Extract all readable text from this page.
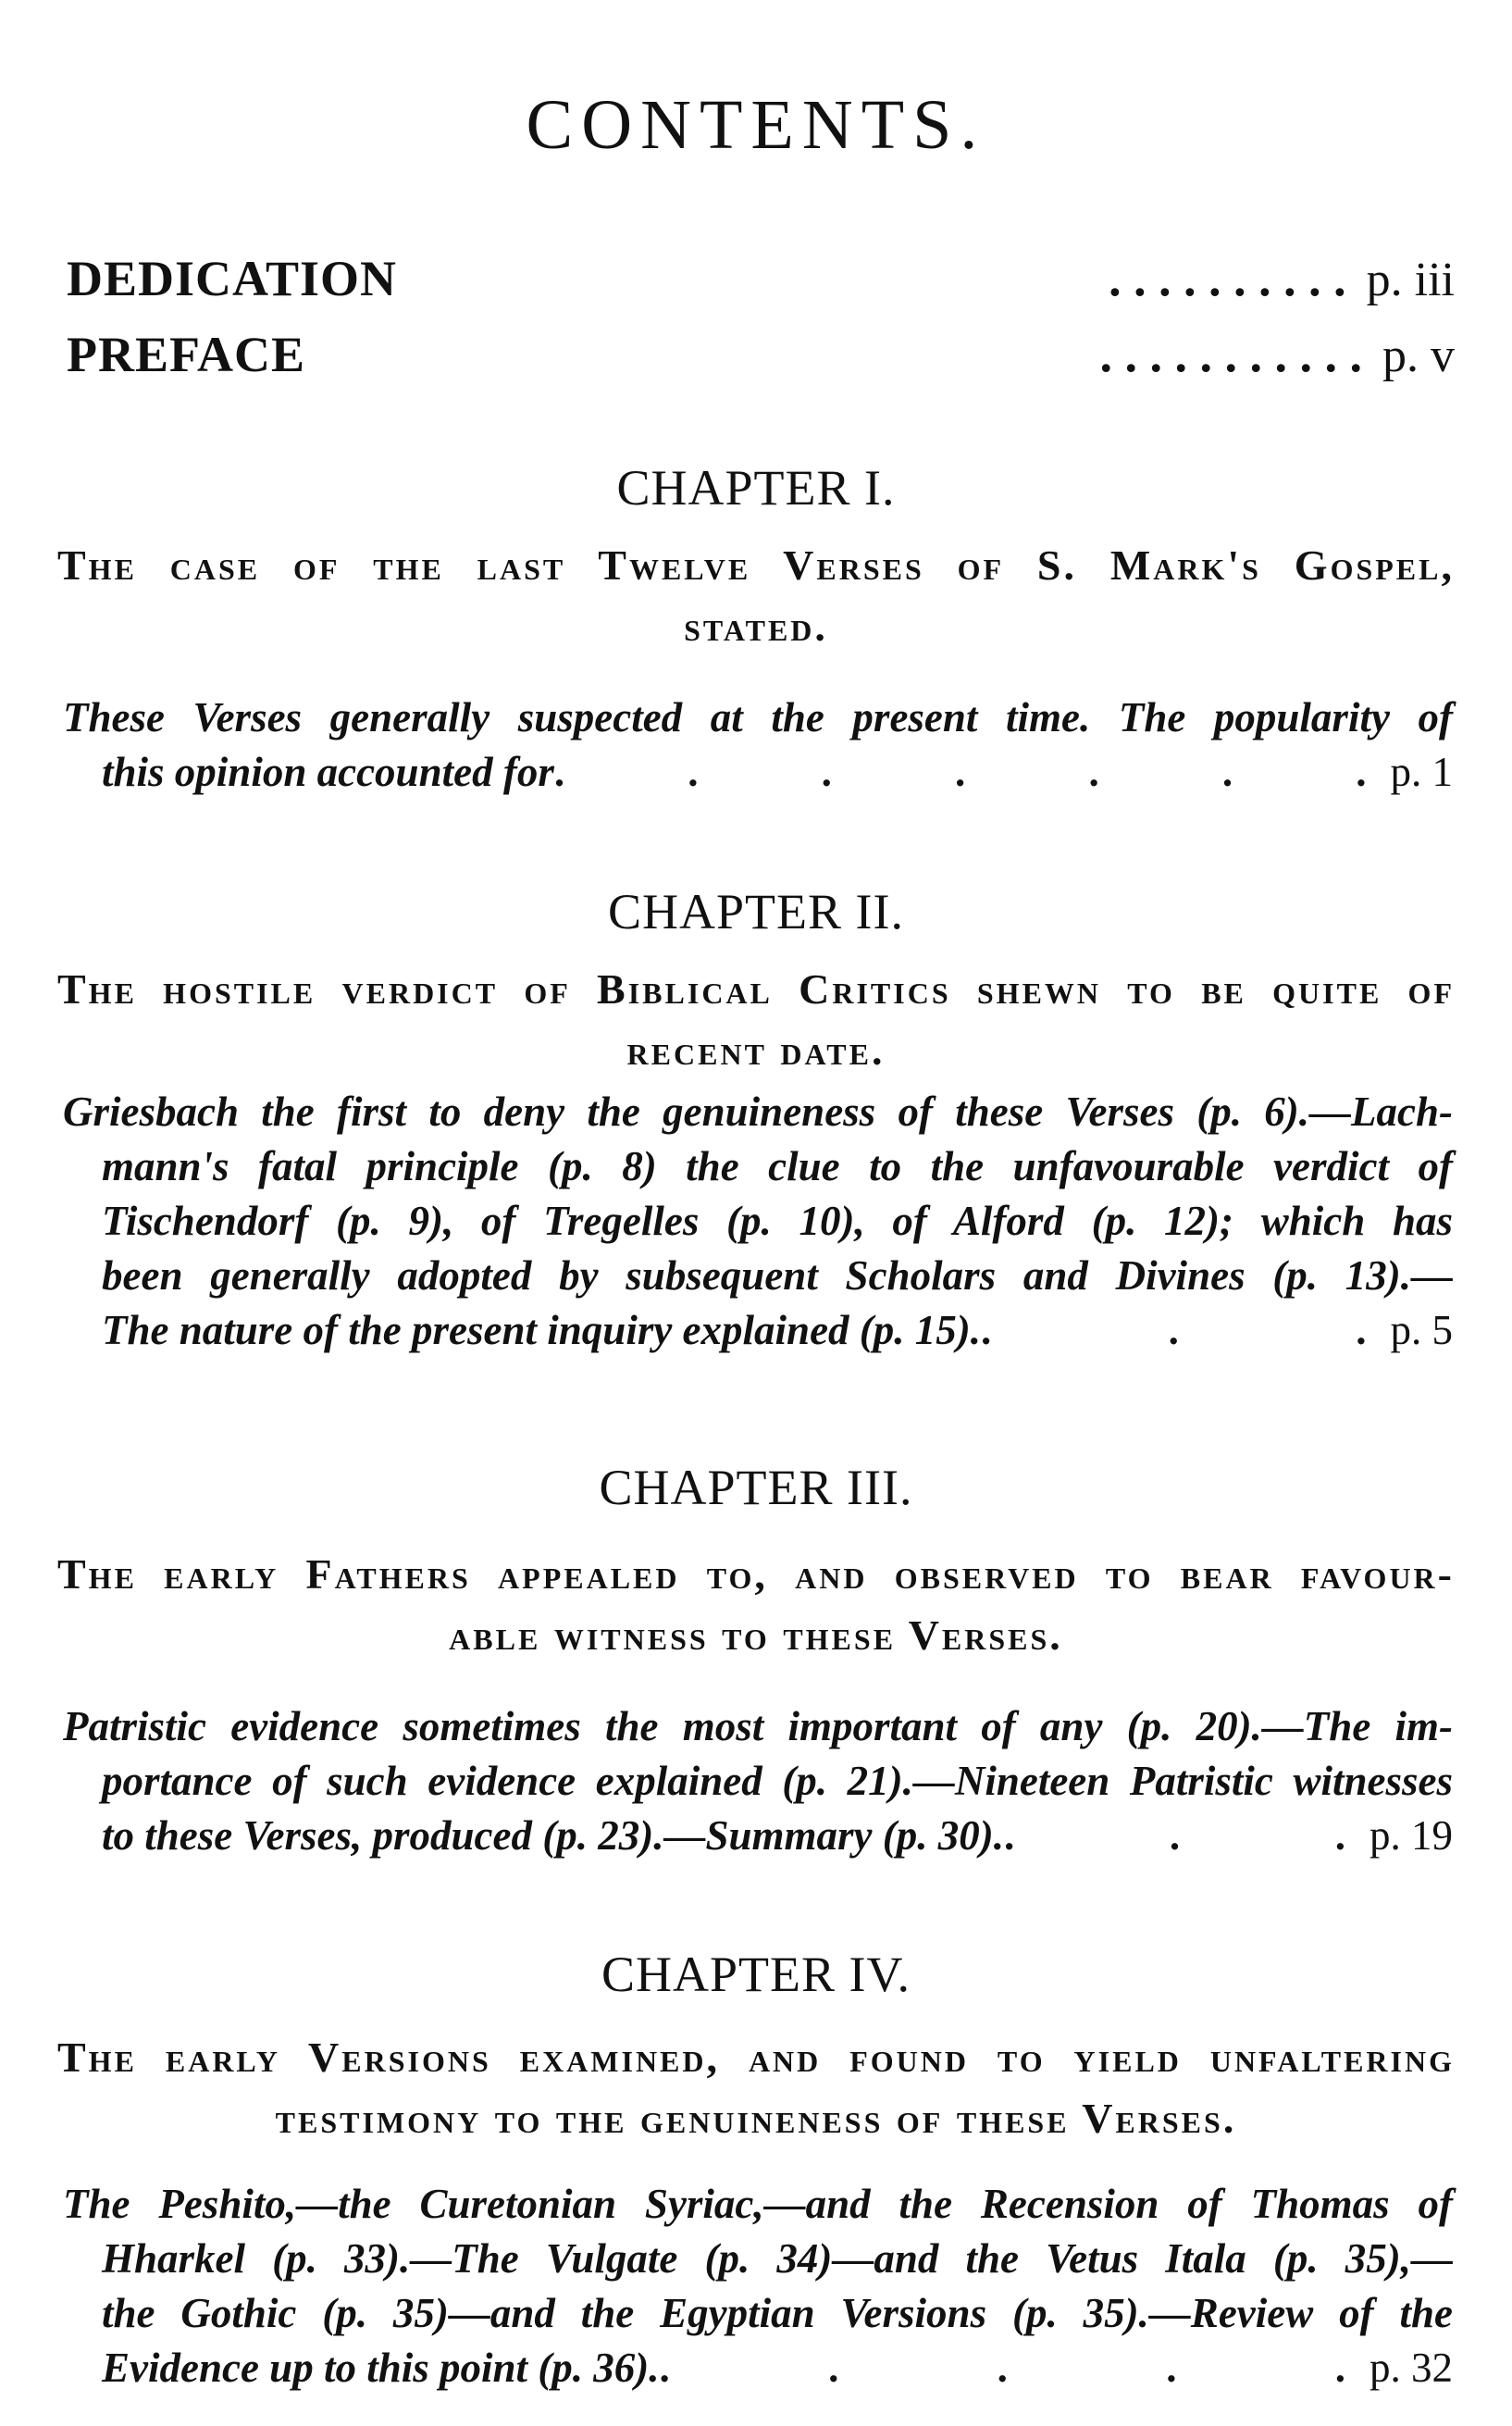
CONTENTS.
DEDICATION	. . . . . . . . . . p. iii
PREFACE	. . . . . . . . . . . p. v
CHAPTER I.
The case of the last Twelve Verses of S. Mark's Gospel,
stated.
These Verses generally suspected at the present time. The popularity of
this opinion accounted for . . . . . . . p. 1
CHAPTER II.
The hostile verdict of Biblical Critics shewn to be quite of
recent date.
Griesbach the first to deny the genuineness of these Verses (p. 6).—Lach-
mann's fatal principle (p. 8) the clue to the unfavourable verdict of
Tischendorf (p. 9), of Tregelles (p. 10), of Alford (p. 12); which has
been generally adopted by subsequent Scholars and Divines (p. 13).—
The nature of the present inquiry explained (p. 15). . . . p. 5
CHAPTER III.
The early Fathers appealed to, and observed to bear favour-
able witness to these Verses.
Patristic evidence sometimes the most important of any (p. 20).—The im-
portance of such evidence explained (p. 21).—Nineteen Patristic witnesses
to these Verses, produced (p. 23).—Summary (p. 30). . . . p. 19
CHAPTER IV.
The early Versions examined, and found to yield unfaltering
testimony to the genuineness of these Verses.
The Peshito,—the Curetonian Syriac,—and the Recension of Thomas of
Hharkel (p. 33).—The Vulgate (p. 34)—and the Vetus Itala (p. 35),—
the Gothic (p. 35)—and the Egyptian Versions (p. 35).—Review of the
Evidence up to this point (p. 36). . . . . . p. 32
